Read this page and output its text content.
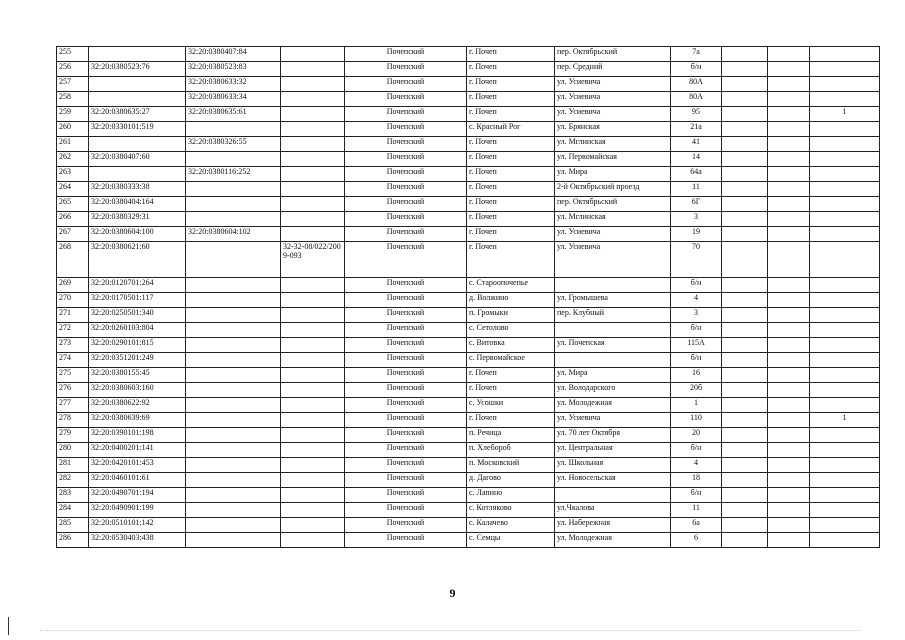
255		32:20:0380407:84		Почепский	г. Почеп	пер. Октябрьский	7а			
256	32:20:0380523:76	32:20:0380523:83		Почепский	г. Почеп	пер. Средний	б/н			
257		32:20:0380633:32		Почепский	г. Почеп	ул. Усиевича	80А			
258		32:20:0380633:34		Почепский	г. Почеп	ул. Усиевича	80А			
259	32:20:0380635:27	32:20:0380635:61		Почепский	г. Почеп	ул. Усиевича	95			1
260	32:20:0330101:519			Почепский	с. Красный Рог	ул. Брянская	21а			
261		32:20:0380326:55		Почепский	г. Почеп	ул. Мглинская	41			
262	32:20:0380407:60			Почепский	г. Почеп	ул. Первомайская	14			
263		32:20:0380116:252		Почепский	г. Почеп	ул. Мира	64а			
264	32:20:0380333:38			Почепский	г. Почеп	2-й Октябрьский проезд	11			
265	32:20:0380404:164			Почепский	г. Почеп	пер. Октябрьский	6Г			
266	32:20:0380329:31			Почепский	г. Почеп	ул. Мглинская	3			
267	32:20:0380604:100	32:20:0380604:102		Почепский	г. Почеп	ул. Усиевича	19			
268	32:20:0380621:60		32-32-08/022/2009-093	Почепский	г. Почеп	ул. Усиевича	70			
269	32:20:0120701:264			Почепский	с. Староопочепье		б/н			
270	32:20:0170501:117			Почепский	д. Волжино	ул. Громышева	4			
271	32:20:0250501:340			Почепский	п. Громыки	пер. Клубный	3			
272	32:20:0260103:804			Почепский	с. Сетолово		б/н			
273	32:20:0290101:815			Почепский	с. Витовка	ул. Почепская	115А			
274	32:20:0351201:249			Почепский	с. Первомайское		б/н			
275	32:20:0380155:45			Почепский	г. Почеп	ул. Мира	16			
276	32:20:0380603:160			Почепский	г. Почеп	ул. Володарского	20б			
277	32:20:0380622:92			Почепский	с. Усошки	ул. Молодежная	1			
278	32:20:0380639:69			Почепский	г. Почеп	ул. Усиевича	110			1
279	32:20:0390101:198			Почепский	п. Речица	ул. 70 лет Октября	20			
280	32:20:0400201:141			Почепский	п. Хлебороб	ул. Центральная	б/н			
281	32:20:0420101:453			Почепский	п. Московский	ул. Школьная	4			
282	32:20:0460101:61			Почепский	д. Дагово	ул. Новосельская	18			
283	32:20:0490701:194			Почепский	с. Лапино		б/н			
284	32:20:0490901:199			Почепский	с. Котляково	ул.Чкалова	11			
285	32:20:0510101:142			Почепский	с. Калачево	ул. Набережная	6а			
286	32:20:0530403:438			Почепский	с. Семцы	ул. Молодежная	6			
9
